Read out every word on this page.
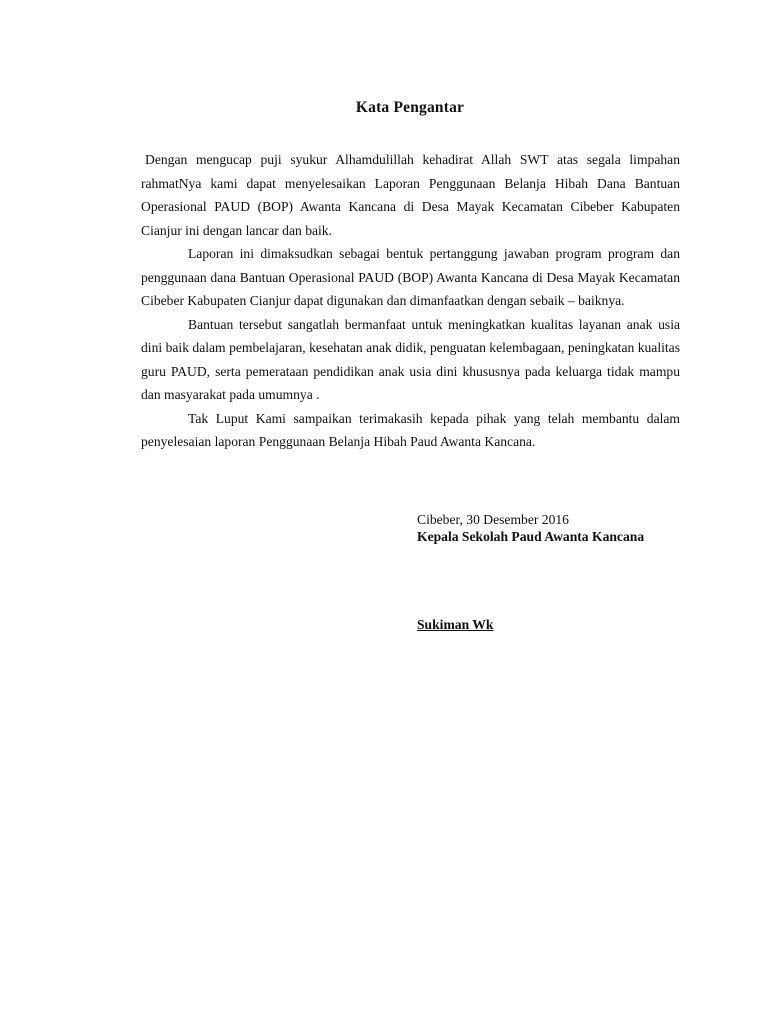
Kata Pengantar

Dengan mengucap puji syukur Alhamdulillah kehadirat Allah SWT atas segala limpahan rahmatNya kami dapat menyelesaikan Laporan Penggunaan Belanja Hibah Dana Bantuan Operasional PAUD (BOP) Awanta Kancana di Desa Mayak Kecamatan Cibeber Kabupaten Cianjur ini dengan lancar dan baik.

Laporan ini dimaksudkan sebagai bentuk pertanggung jawaban program program dan penggunaan dana Bantuan Operasional PAUD (BOP) Awanta Kancana di Desa Mayak Kecamatan Cibeber Kabupaten Cianjur dapat digunakan dan dimanfaatkan dengan sebaik – baiknya.

Bantuan tersebut sangatlah bermanfaat untuk meningkatkan kualitas layanan anak usia dini baik dalam pembelajaran, kesehatan anak didik, penguatan kelembagaan, peningkatan kualitas guru PAUD, serta pemerataan pendidikan anak usia dini khususnya pada keluarga tidak mampu dan masyarakat pada umumnya .

Tak Luput Kami sampaikan terimakasih kepada pihak yang telah membantu dalam penyelesaian laporan Penggunaan Belanja Hibah Paud Awanta Kancana.

Cibeber, 30 Desember 2016
Kepala Sekolah Paud Awanta Kancana
Sukiman Wk
